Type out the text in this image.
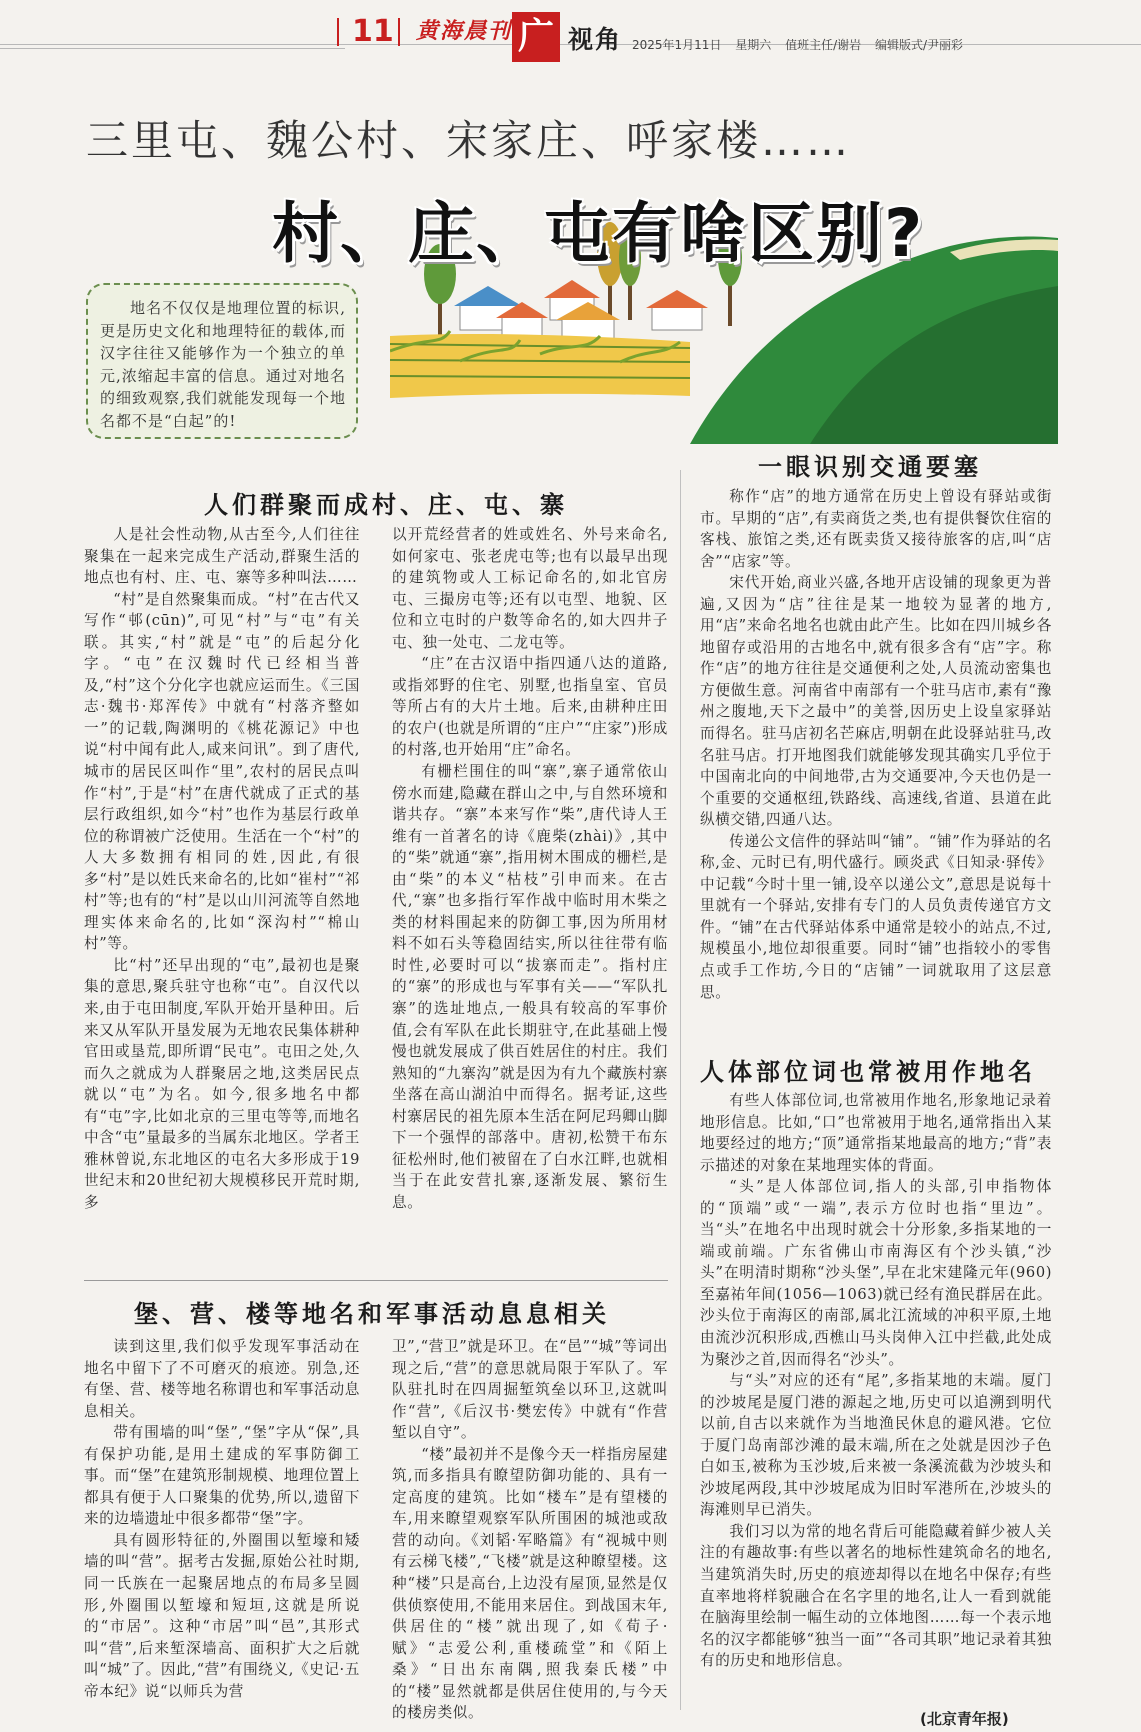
11 黄海晨刊 广 视角 2025年1月11日 星期六 值班主任/谢岩 编辑版式/尹丽彩
三里屯、魏公村、宋家庄、呼家楼……
村、庄、屯有啥区别?
地名不仅仅是地理位置的标识,更是历史文化和地理特征的载体,而汉字往往又能够作为一个独立的单元,浓缩起丰富的信息。通过对地名的细致观察,我们就能发现每一个地名都不是“白起”的!
人们群聚而成村、庄、屯、寨
一眼识别交通要塞
人体部位词也常被用作地名
堡、营、楼等地名和军事活动息息相关

人是社会性动物,从古至今,人们往往聚集在一起来完成生产活动,群聚生活的地点也有村、庄、屯、寨等多种叫法……

“村”是自然聚集而成。“村”在古代又写作“邨(cūn)”,可见“村”与“屯”有关联。其实,“村”就是“屯”的后起分化字。“屯”在汉魏时代已经相当普及,“村”这个分化字也就应运而生。《三国志·魏书·郑浑传》中就有“村落齐整如一”的记载,陶渊明的《桃花源记》中也说“村中闻有此人,咸来问讯”。到了唐代,城市的居民区叫作“里”,农村的居民点叫作“村”,于是“村”在唐代就成了正式的基层行政组织,如今“村”也作为基层行政单位的称谓被广泛使用。生活在一个“村”的人大多数拥有相同的姓,因此,有很多“村”是以姓氏来命名的,比如“崔村”“祁村”等;也有的“村”是以山川河流等自然地理实体来命名的,比如“深沟村”“棉山村”等。

比“村”还早出现的“屯”,最初也是聚集的意思,聚兵驻守也称“屯”。自汉代以来,由于屯田制度,军队开始开垦种田。后来又从军队开垦发展为无地农民集体耕种官田或垦荒,即所谓“民屯”。屯田之处,久而久之就成为人群聚居之地,这类居民点就以“屯”为名。如今,很多地名中都有“屯”字,比如北京的三里屯等等,而地名中含“屯”量最多的当属东北地区。学者王雅林曾说,东北地区的屯名大多形成于19世纪末和20世纪初大规模移民开荒时期,多

以开荒经营者的姓或姓名、外号来命名,如何家屯、张老虎屯等;也有以最早出现的建筑物或人工标记命名的,如北官房屯、三撮房屯等;还有以屯型、地貌、区位和立屯时的户数等命名的,如大四井子屯、独一处屯、二龙屯等。

“庄”在古汉语中指四通八达的道路,或指郊野的住宅、别墅,也指皇室、官员等所占有的大片土地。后来,由耕种庄田的农户(也就是所谓的“庄户”“庄家”)形成的村落,也开始用“庄”命名。

有栅栏围住的叫“寨”,寨子通常依山傍水而建,隐藏在群山之中,与自然环境和谐共存。“寨”本来写作“柴”,唐代诗人王维有一首著名的诗《鹿柴(zhài)》,其中的“柴”就通“寨”,指用树木围成的栅栏,是由“柴”的本义“枯枝”引申而来。在古代,“寨”也多指行军作战中临时用木柴之类的材料围起来的防御工事,因为所用材料不如石头等稳固结实,所以往往带有临时性,必要时可以“拔寨而走”。指村庄的“寨”的形成也与军事有关——“军队扎寨”的选址地点,一般具有较高的军事价值,会有军队在此长期驻守,在此基础上慢慢也就发展成了供百姓居住的村庄。我们熟知的“九寨沟”就是因为有九个藏族村寨坐落在高山湖泊中而得名。据考证,这些村寨居民的祖先原本生活在阿尼玛卿山脚下一个强悍的部落中。唐初,松赞干布东征松州时,他们被留在了白水江畔,也就相当于在此安营扎寨,逐渐发展、繁衍生息。

称作“店”的地方通常在历史上曾设有驿站或街市。早期的“店”,有卖商货之类,也有提供餐饮住宿的客栈、旅馆之类,还有既卖货又接待旅客的店,叫“店舍”“店家”等。

宋代开始,商业兴盛,各地开店设铺的现象更为普遍,又因为“店”往往是某一地较为显著的地方,用“店”来命名地名也就由此产生。比如在四川城乡各地留存或沿用的古地名中,就有很多含有“店”字。称作“店”的地方往往是交通便利之处,人员流动密集也方便做生意。河南省中南部有一个驻马店市,素有“豫州之腹地,天下之最中”的美誉,因历史上设皇家驿站而得名。驻马店初名芒麻店,明朝在此设驿站驻马,改名驻马店。打开地图我们就能够发现其确实几乎位于中国南北向的中间地带,古为交通要冲,今天也仍是一个重要的交通枢纽,铁路线、高速线,省道、县道在此纵横交错,四通八达。

传递公文信件的驿站叫“铺”。“铺”作为驿站的名称,金、元时已有,明代盛行。顾炎武《日知录·驿传》中记载“今时十里一铺,设卒以递公文”,意思是说每十里就有一个驿站,安排有专门的人员负责传递官方文件。“铺”在古代驿站体系中通常是较小的站点,不过,规模虽小,地位却很重要。同时“铺”也指较小的零售点或手工作坊,今日的“店铺”一词就取用了这层意思。

有些人体部位词,也常被用作地名,形象地记录着地形信息。比如,“口”也常被用于地名,通常指出入某地要经过的地方;“顶”通常指某地最高的地方;“背”表示描述的对象在某地理实体的背面。

“头”是人体部位词,指人的头部,引申指物体的“顶端”或“一端”,表示方位时也指“里边”。当“头”在地名中出现时就会十分形象,多指某地的一端或前端。广东省佛山市南海区有个沙头镇,“沙头”在明清时期称“沙头堡”,早在北宋建隆元年(960)至嘉祐年间(1056—1063)就已经有渔民群居在此。沙头位于南海区的南部,属北江流域的冲积平原,土地由流沙沉积形成,西樵山马头岗伸入江中拦截,此处成为聚沙之首,因而得名“沙头”。

与“头”对应的还有“尾”,多指某地的末端。厦门的沙坡尾是厦门港的源起之地,历史可以追溯到明代以前,自古以来就作为当地渔民休息的避风港。它位于厦门岛南部沙滩的最末端,所在之处就是因沙子色白如玉,被称为玉沙坡,后来被一条溪流截为沙坡头和沙坡尾两段,其中沙坡尾成为旧时军港所在,沙坡头的海滩则早已消失。

我们习以为常的地名背后可能隐藏着鲜少被人关注的有趣故事:有些以著名的地标性建筑命名的地名,当建筑消失时,历史的痕迹却得以在地名中保存;有些直率地将样貌融合在名字里的地名,让人一看到就能在脑海里绘制一幅生动的立体地图……每一个表示地名的汉字都能够“独当一面”“各司其职”地记录着其独有的历史和地形信息。

读到这里,我们似乎发现军事活动在地名中留下了不可磨灭的痕迹。别急,还有堡、营、楼等地名称谓也和军事活动息息相关。

带有围墙的叫“堡”,“堡”字从“保”,具有保护功能,是用土建成的军事防御工事。而“堡”在建筑形制规模、地理位置上都具有便于人口聚集的优势,所以,遗留下来的边墙遗址中很多都带“堡”字。

具有圆形特征的,外圈围以堑壕和矮墙的叫“营”。据考古发掘,原始公社时期,同一氏族在一起聚居地点的布局多呈圆形,外圈围以堑壕和短垣,这就是所说的“市居”。这种“市居”叫“邑”,其形式叫“营”,后来堑深墙高、面积扩大之后就叫“城”了。因此,“营”有围绕义,《史记·五帝本纪》说“以师兵为营

卫”,“营卫”就是环卫。在“邑”“城”等词出现之后,“营”的意思就局限于军队了。军队驻扎时在四周掘堑筑垒以环卫,这就叫作“营”,《后汉书·樊宏传》中就有“作营堑以自守”。

“楼”最初并不是像今天一样指房屋建筑,而多指具有瞭望防御功能的、具有一定高度的建筑。比如“楼车”是有望楼的车,用来瞭望观察军队所围困的城池或敌营的动向。《刘韬·军略篇》有“视城中则有云梯飞楼”,“飞楼”就是这种瞭望楼。这种“楼”只是高台,上边没有屋顶,显然是仅供侦察使用,不能用来居住。到战国末年,供居住的“楼”就出现了,如《荀子·赋》“志爱公利,重楼疏堂”和《陌上桑》“日出东南隅,照我秦氏楼”中的“楼”显然就都是供居住使用的,与今天的楼房类似。	(北京青年报)
